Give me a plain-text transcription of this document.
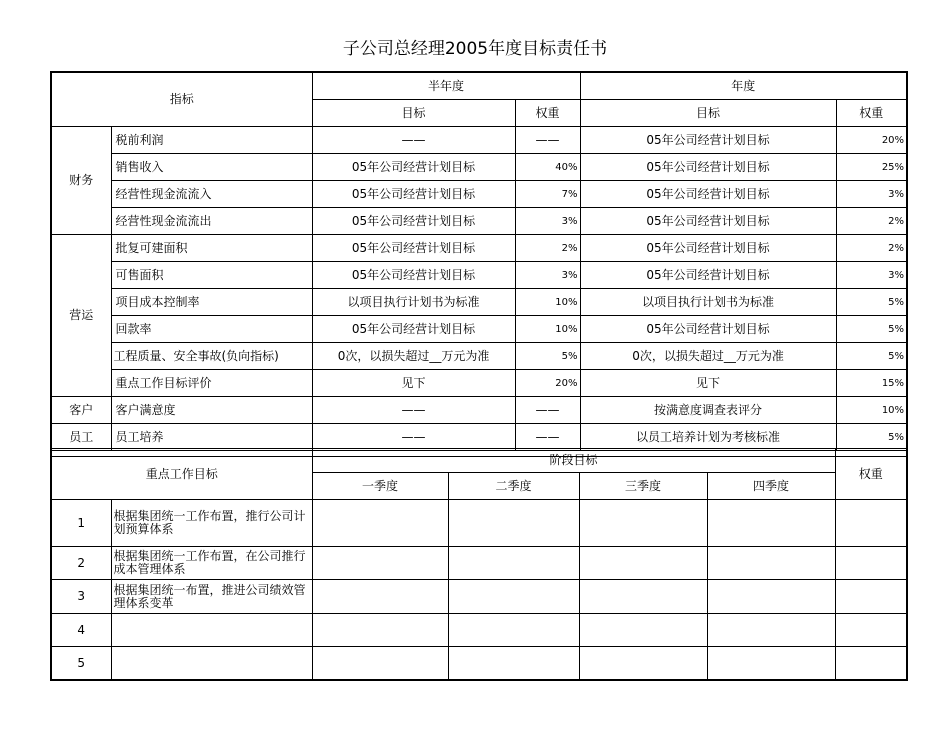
子公司总经理2005年度目标责任书
指标		半年度		年度	
		目标	权重	目标	权重
财务	税前利润	——	——	05年公司经营计划目标	20%
	销售收入	05年公司经营计划目标	40%	05年公司经营计划目标	25%
	经营性现金流流入	05年公司经营计划目标	7%	05年公司经营计划目标	3%
	经营性现金流流出	05年公司经营计划目标	3%	05年公司经营计划目标	2%
营运	批复可建面积	05年公司经营计划目标	2%	05年公司经营计划目标	2%
	可售面积	05年公司经营计划目标	3%	05年公司经营计划目标	3%
	项目成本控制率	以项目执行计划书为标准	10%	以项目执行计划书为标准	5%
	回款率	05年公司经营计划目标	10%	05年公司经营计划目标	5%
	工程质量、安全事故(负向指标)	0次，以损失超过__万元为准	5%	0次，以损失超过__万元为准	5%
	重点工作目标评价	见下	20%	见下	15%
客户	客户满意度	——	——	按满意度调查表评分	10%
员工	员工培养	——	——	以员工培养计划为考核标准	5%

重点工作目标		阶段目标				权重
		一季度	二季度	三季度	四季度	
1	根据集团统一工作布置，推行公司计划预算体系					
2	根据集团统一工作布置，在公司推行成本管理体系					
3	根据集团统一布置，推进公司绩效管理体系变革					
4						
5						
